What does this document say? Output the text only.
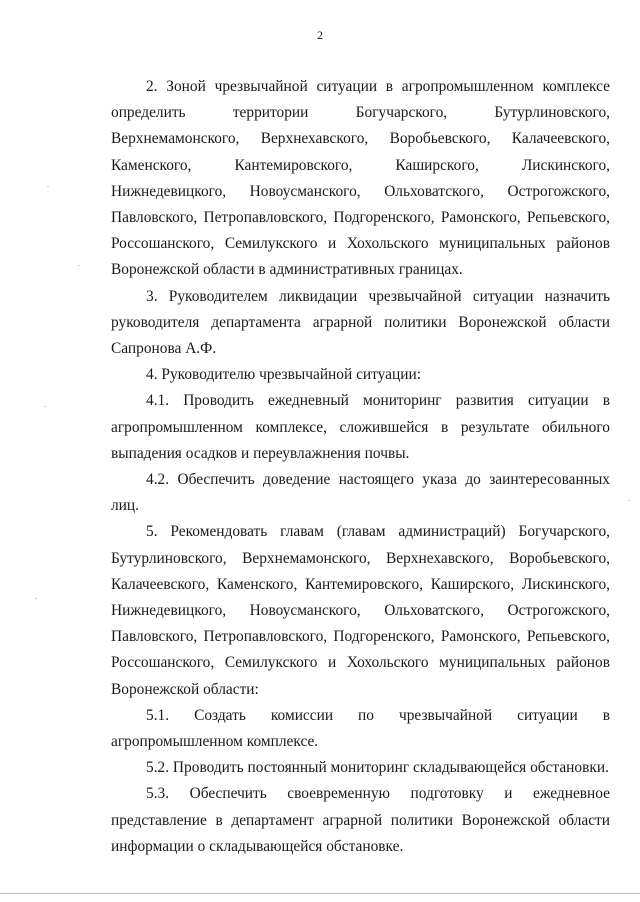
2

2. Зоной чрезвычайной ситуации в агропромышленном комплексе определить территории Богучарского, Бутурлиновского, Верхнемамонского, Верхнехавского, Воробьевского, Калачеевского, Каменского, Кантемировского, Каширского, Лискинского, Нижнедевицкого, Новоусманского, Ольховатского, Острогожского, Павловского, Петропавловского, Подгоренского, Рамонского, Репьевского, Россошанского, Семилукского и Хохольского муниципальных районов Воронежской области в административных границах.

3. Руководителем ликвидации чрезвычайной ситуации назначить руководителя департамента аграрной политики Воронежской области Сапронова А.Ф.

4. Руководителю чрезвычайной ситуации:

4.1. Проводить ежедневный мониторинг развития ситуации в агропромышленном комплексе, сложившейся в результате обильного выпадения осадков и переувлажнения почвы.

4.2. Обеспечить доведение настоящего указа до заинтересованных лиц.

5. Рекомендовать главам (главам администраций) Богучарского, Бутурлиновского, Верхнемамонского, Верхнехавского, Воробьевского, Калачеевского, Каменского, Кантемировского, Каширского, Лискинского, Нижнедевицкого, Новоусманского, Ольховатского, Острогожского, Павловского, Петропавловского, Подгоренского, Рамонского, Репьевского, Россошанского, Семилукского и Хохольского муниципальных районов Воронежской области:

5.1. Создать комиссии по чрезвычайной ситуации в агропромышленном комплексе.

5.2. Проводить постоянный мониторинг складывающейся обстановки.

5.3. Обеспечить своевременную подготовку и ежедневное представление в департамент аграрной политики Воронежской области информации о складывающейся обстановке.
